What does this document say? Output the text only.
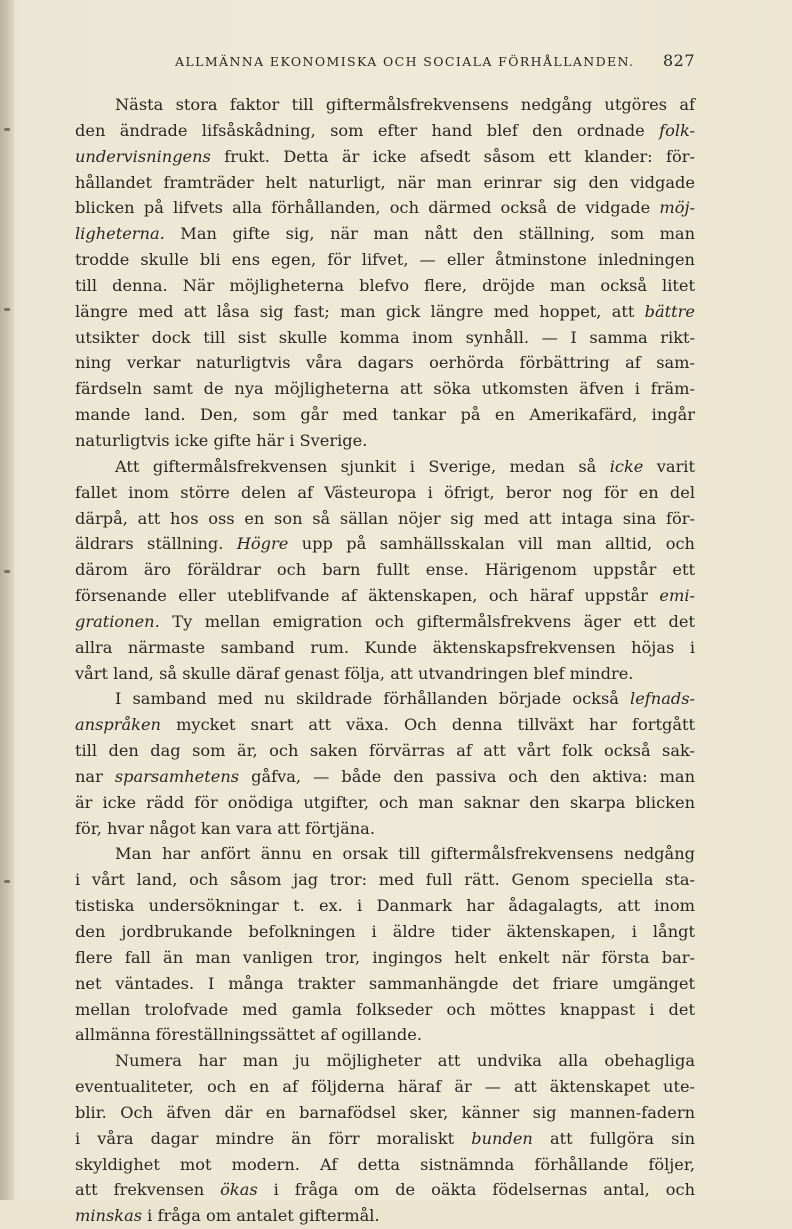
ALLMÄNNA EKONOMISKA OCH SOCIALA FÖRHÅLLANDEN. 827
Nästa stora faktor till giftermålsfrekvensens nedgång utgöres af
den ändrade lifsåskådning, som efter hand blef den ordnade folk-
undervisningens frukt. Detta är icke afsedt såsom ett klander: för-
hållandet framträder helt naturligt, när man erinrar sig den vidgade
blicken på lifvets alla förhållanden, och därmed också de vidgade möj-
ligheterna. Man gifte sig, när man nått den ställning, som man
trodde skulle bli ens egen, för lifvet, — eller åtminstone inledningen
till denna. När möjligheterna blefvo flere, dröjde man också litet
längre med att låsa sig fast; man gick längre med hoppet, att bättre
utsikter dock till sist skulle komma inom synhåll. — I samma rikt-
ning verkar naturligtvis våra dagars oerhörda förbättring af sam-
färdseln samt de nya möjligheterna att söka utkomsten äfven i främ-
mande land. Den, som går med tankar på en Amerikafärd, ingår
naturligtvis icke gifte här i Sverige.
Att giftermålsfrekvensen sjunkit i Sverige, medan så icke varit
fallet inom större delen af Västeuropa i öfrigt, beror nog för en del
därpå, att hos oss en son så sällan nöjer sig med att intaga sina för-
äldrars ställning. Högre upp på samhällsskalan vill man alltid, och
därom äro föräldrar och barn fullt ense. Härigenom uppstår ett
försenande eller uteblifvande af äktenskapen, och häraf uppstår emi-
grationen. Ty mellan emigration och giftermålsfrekvens äger ett det
allra närmaste samband rum. Kunde äktenskapsfrekvensen höjas i
vårt land, så skulle däraf genast följa, att utvandringen blef mindre.
I samband med nu skildrade förhållanden började också lefnads-
anspråken mycket snart att växa. Och denna tillväxt har fortgått
till den dag som är, och saken förvärras af att vårt folk också sak-
nar sparsamhetens gåfva, — både den passiva och den aktiva: man
är icke rädd för onödiga utgifter, och man saknar den skarpa blicken
för, hvar något kan vara att förtjäna.
Man har anfört ännu en orsak till giftermålsfrekvensens nedgång
i vårt land, och såsom jag tror: med full rätt. Genom speciella sta-
tistiska undersökningar t. ex. i Danmark har ådagalagts, att inom
den jordbrukande befolkningen i äldre tider äktenskapen, i långt
flere fall än man vanligen tror, ingingos helt enkelt när första bar-
net väntades. I många trakter sammanhängde det friare umgänget
mellan trolofvade med gamla folkseder och möttes knappast i det
allmänna föreställningssättet af ogillande.
Numera har man ju möjligheter att undvika alla obehagliga
eventualiteter, och en af följderna häraf är — att äktenskapet ute-
blir. Och äfven där en barnafödsel sker, känner sig mannen-fadern
i våra dagar mindre än förr moraliskt bunden att fullgöra sin
skyldighet mot modern. Af detta sistnämnda förhållande följer,
att frekvensen ökas i fråga om de oäkta födelsernas antal, och
minskas i fråga om antalet giftermål.
